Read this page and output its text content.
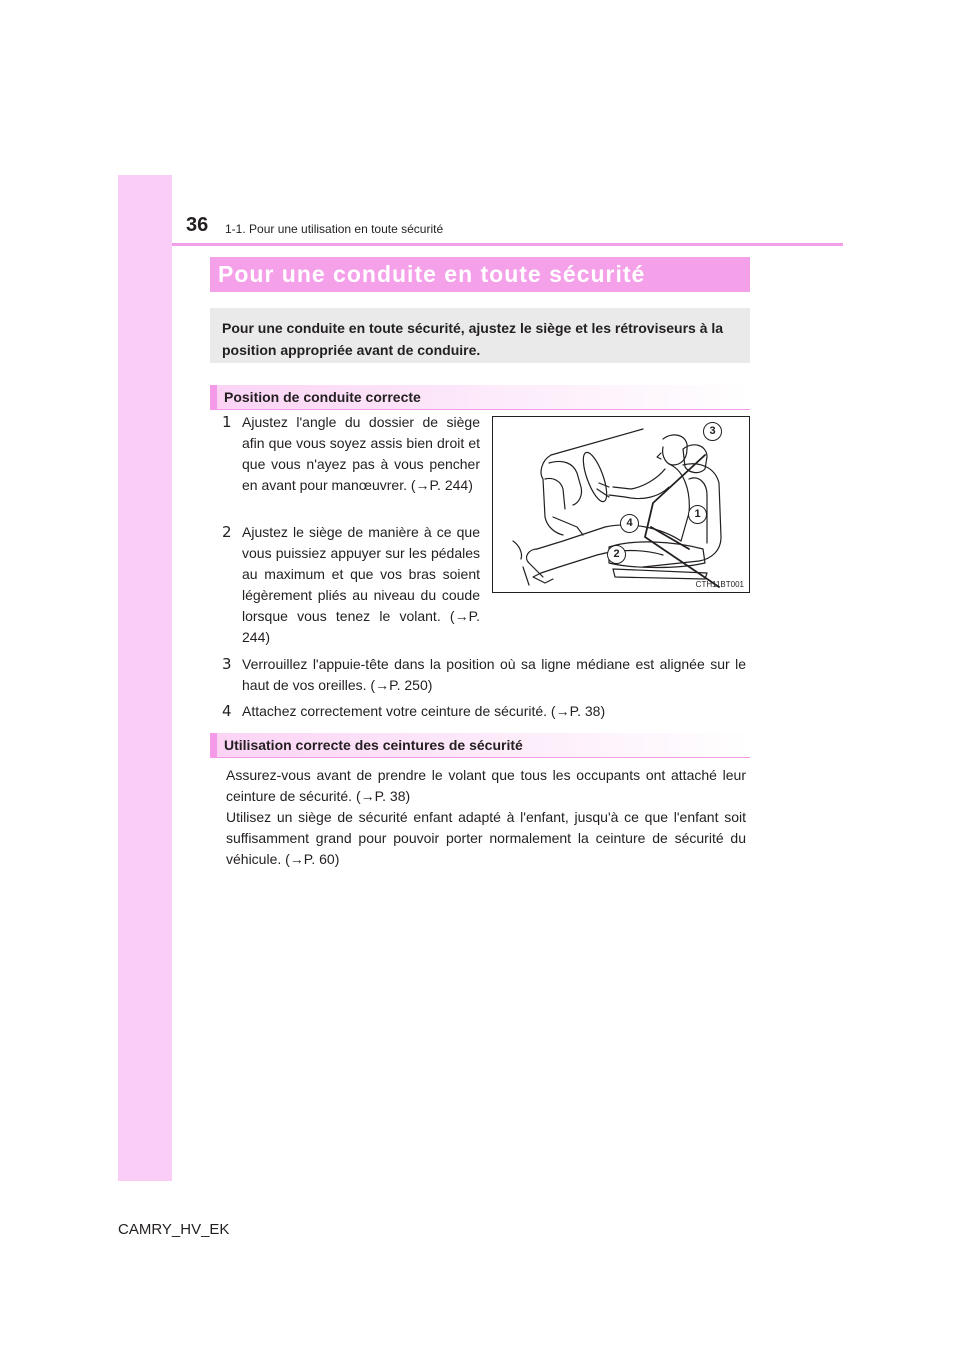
36 1-1. Pour une utilisation en toute sécurité
Pour une conduite en toute sécurité
Pour une conduite en toute sécurité, ajustez le siège et les rétroviseurs à la position appropriée avant de conduire.
Position de conduite correcte
1 Ajustez l'angle du dossier de siège afin que vous soyez assis bien droit et que vous n'ayez pas à vous pencher en avant pour manœuvrer. (→P. 244)
2 Ajustez le siège de manière à ce que vous puissiez appuyer sur les pédales au maximum et que vos bras soient légèrement pliés au niveau du coude lorsque vous tenez le volant. (→P. 244)
3
1
4
2
CTH11BT001
3 Verrouillez l'appuie-tête dans la position où sa ligne médiane est alignée sur le haut de vos oreilles. (→P. 250)
4 Attachez correctement votre ceinture de sécurité. (→P. 38)
Utilisation correcte des ceintures de sécurité
Assurez-vous avant de prendre le volant que tous les occupants ont attaché leur ceinture de sécurité. (→P. 38)
Utilisez un siège de sécurité enfant adapté à l'enfant, jusqu'à ce que l'enfant soit suffisamment grand pour pouvoir porter normalement la ceinture de sécurité du véhicule. (→P. 60)
CAMRY_HV_EK
